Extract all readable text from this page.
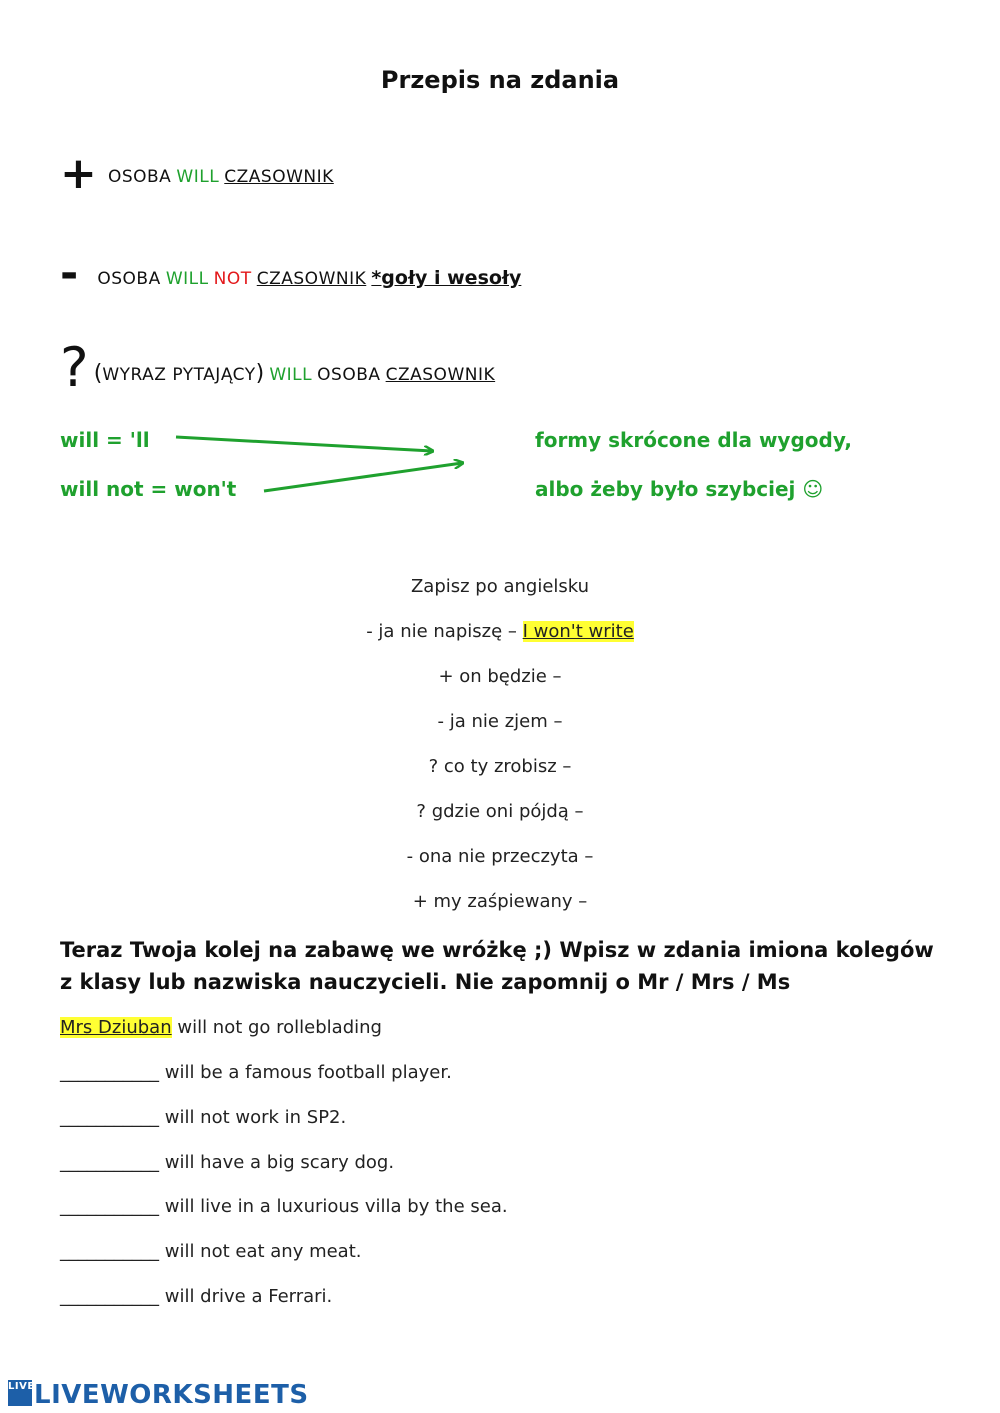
Przepis na zdania
+ OSOBA WILL CZASOWNIK
- OSOBA WILL NOT CZASOWNIK *goły i wesoły
? (WYRAZ PYTAJĄCY) WILL OSOBA CZASOWNIK
will = 'll
will not = won't
formy skrócone dla wygody,
albo żeby było szybciej ☺
Zapisz po angielsku
- ja nie napiszę – I won't write
+ on będzie –
- ja nie zjem –
? co ty zrobisz –
? gdzie oni pójdą –
- ona nie przeczyta –
+ my zaśpiewany –
Teraz Twoja kolej na zabawę we wróżkę ;) Wpisz w zdania imiona kolegów z klasy lub nazwiska nauczycieli. Nie zapomnij o Mr / Mrs / Ms
Mrs Dziuban will not go rollеblading
___________ will be a famous football player.
___________ will not work in SP2.
___________ will have a big scary dog.
___________ will live in a luxurious villa by the sea.
___________ will not eat any meat.
___________ will drive a Ferrari.
LIVELIVEWORKSHEETS
